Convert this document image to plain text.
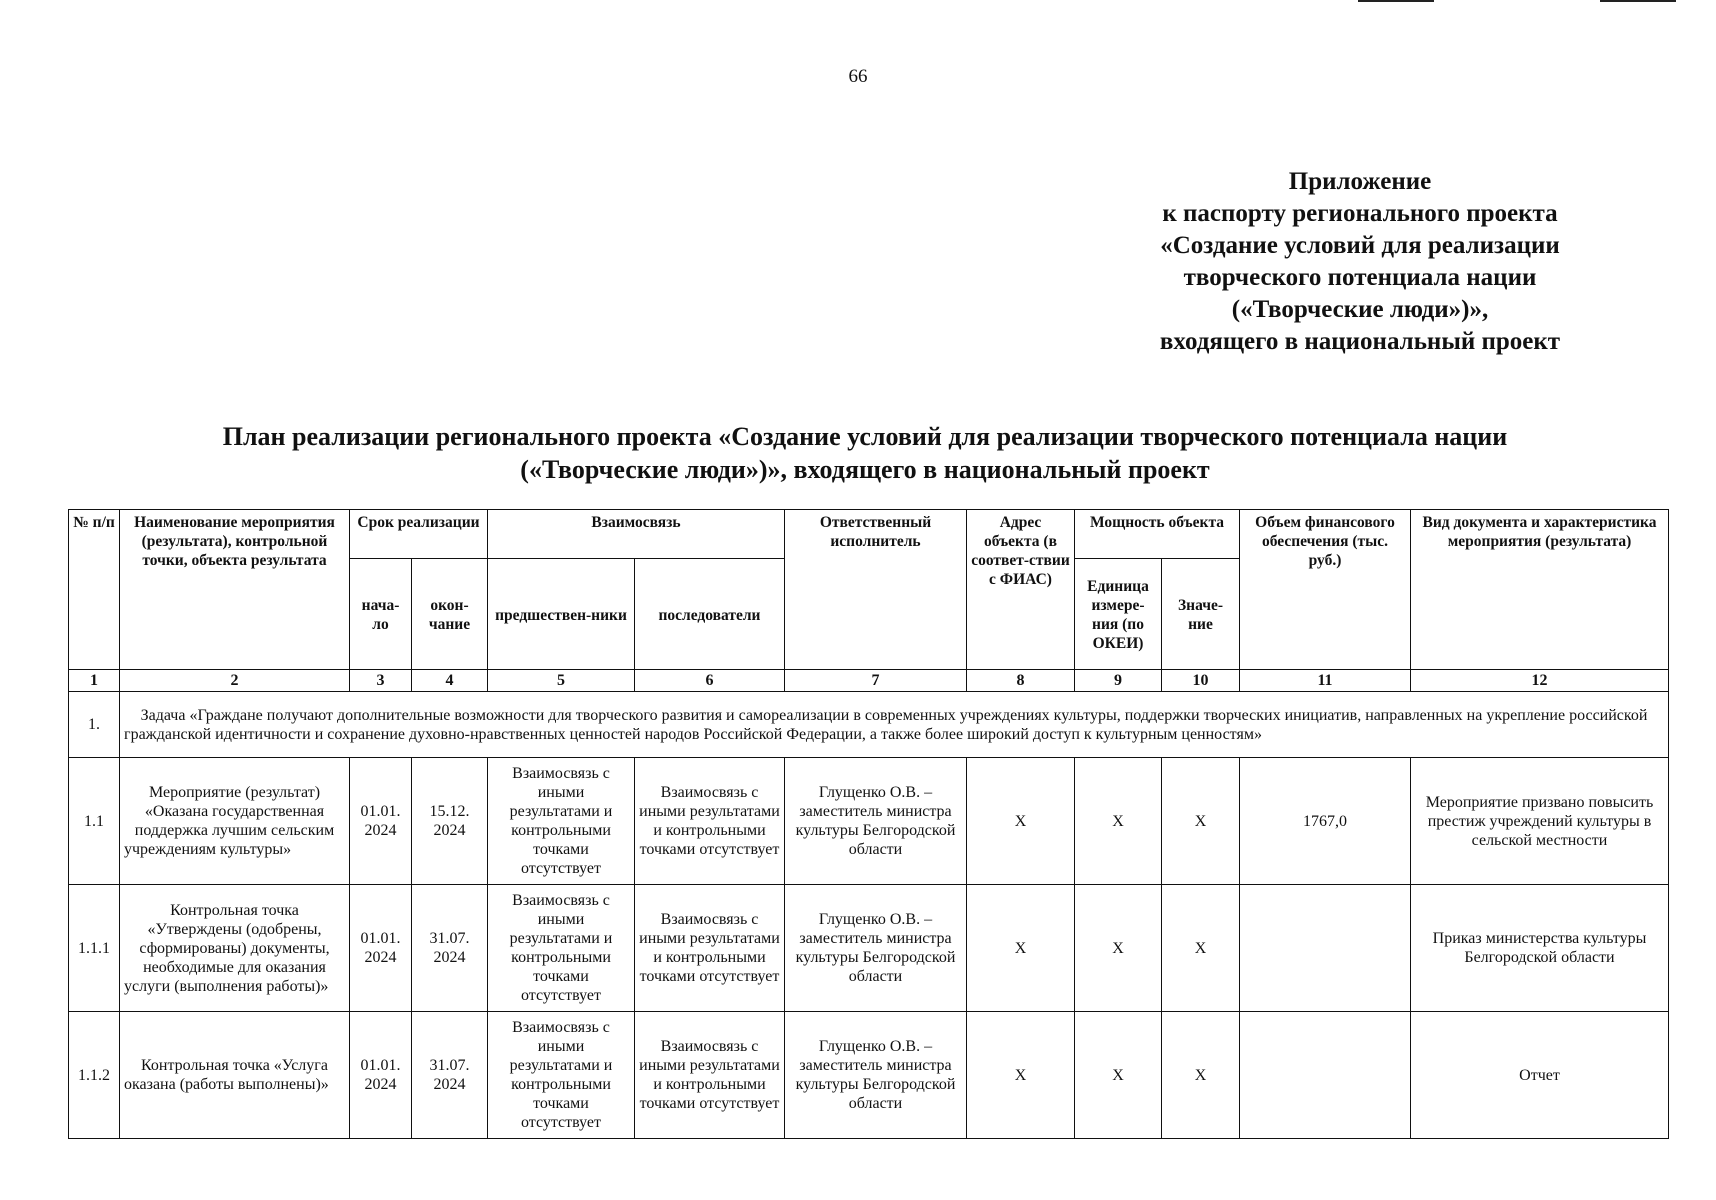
66
Приложение
к паспорту регионального проекта
«Создание условий для реализации
творческого потенциала нации
(«Творческие люди»)»,
входящего в национальный проект
План реализации регионального проекта «Создание условий для реализации творческого потенциала нации
(«Творческие люди»)», входящего в национальный проект
№ п/п	Наименование мероприятия (результата), контрольной точки, объекта результата	Срок реализации		Взаимосвязь		Ответственный исполнитель	Адрес объекта (в соответ-ствии с ФИАС)	Мощность объекта		Объем финансового обеспечения (тыс. руб.)	Вид документа и характеристика мероприятия (результата)
		нача-ло	окон-чание	предшествен-ники	последователи			Единица измере-ния (по ОКЕИ)	Значе-ние		
1	2	3	4	5	6	7	8	9	10	11	12
1.	Задача «Граждане получают дополнительные возможности для творческого развития и самореализации в современных учреждениях культуры, поддержки творческих инициатив, направленных на укрепление российской гражданской идентичности и сохранение духовно-нравственных ценностей народов Российской Федерации, а также более широкий доступ к культурным ценностям»										
1.1	Мероприятие (результат) «Оказана государственная поддержка лучшим сельским учреждениям культуры»	01.01. 2024	15.12. 2024	Взаимосвязь с иными результатами и контрольными точками отсутствует	Взаимосвязь с иными результатами и контрольными точками отсутствует	Глущенко О.В. – заместитель министра культуры Белгородской области	Х	Х	Х	1767,0	Мероприятие призвано повысить престиж учреждений культуры в сельской местности
1.1.1	Контрольная точка «Утверждены (одобрены, сформированы) документы, необходимые для оказания услуги (выполнения работы)»	01.01. 2024	31.07. 2024	Взаимосвязь с иными результатами и контрольными точками отсутствует	Взаимосвязь с иными результатами и контрольными точками отсутствует	Глущенко О.В. – заместитель министра культуры Белгородской области	Х	Х	Х		Приказ министерства культуры Белгородской области
1.1.2	Контрольная точка «Услуга оказана (работы выполнены)»	01.01. 2024	31.07. 2024	Взаимосвязь с иными результатами и контрольными точками отсутствует	Взаимосвязь с иными результатами и контрольными точками отсутствует	Глущенко О.В. – заместитель министра культуры Белгородской области	Х	Х	Х		Отчет
